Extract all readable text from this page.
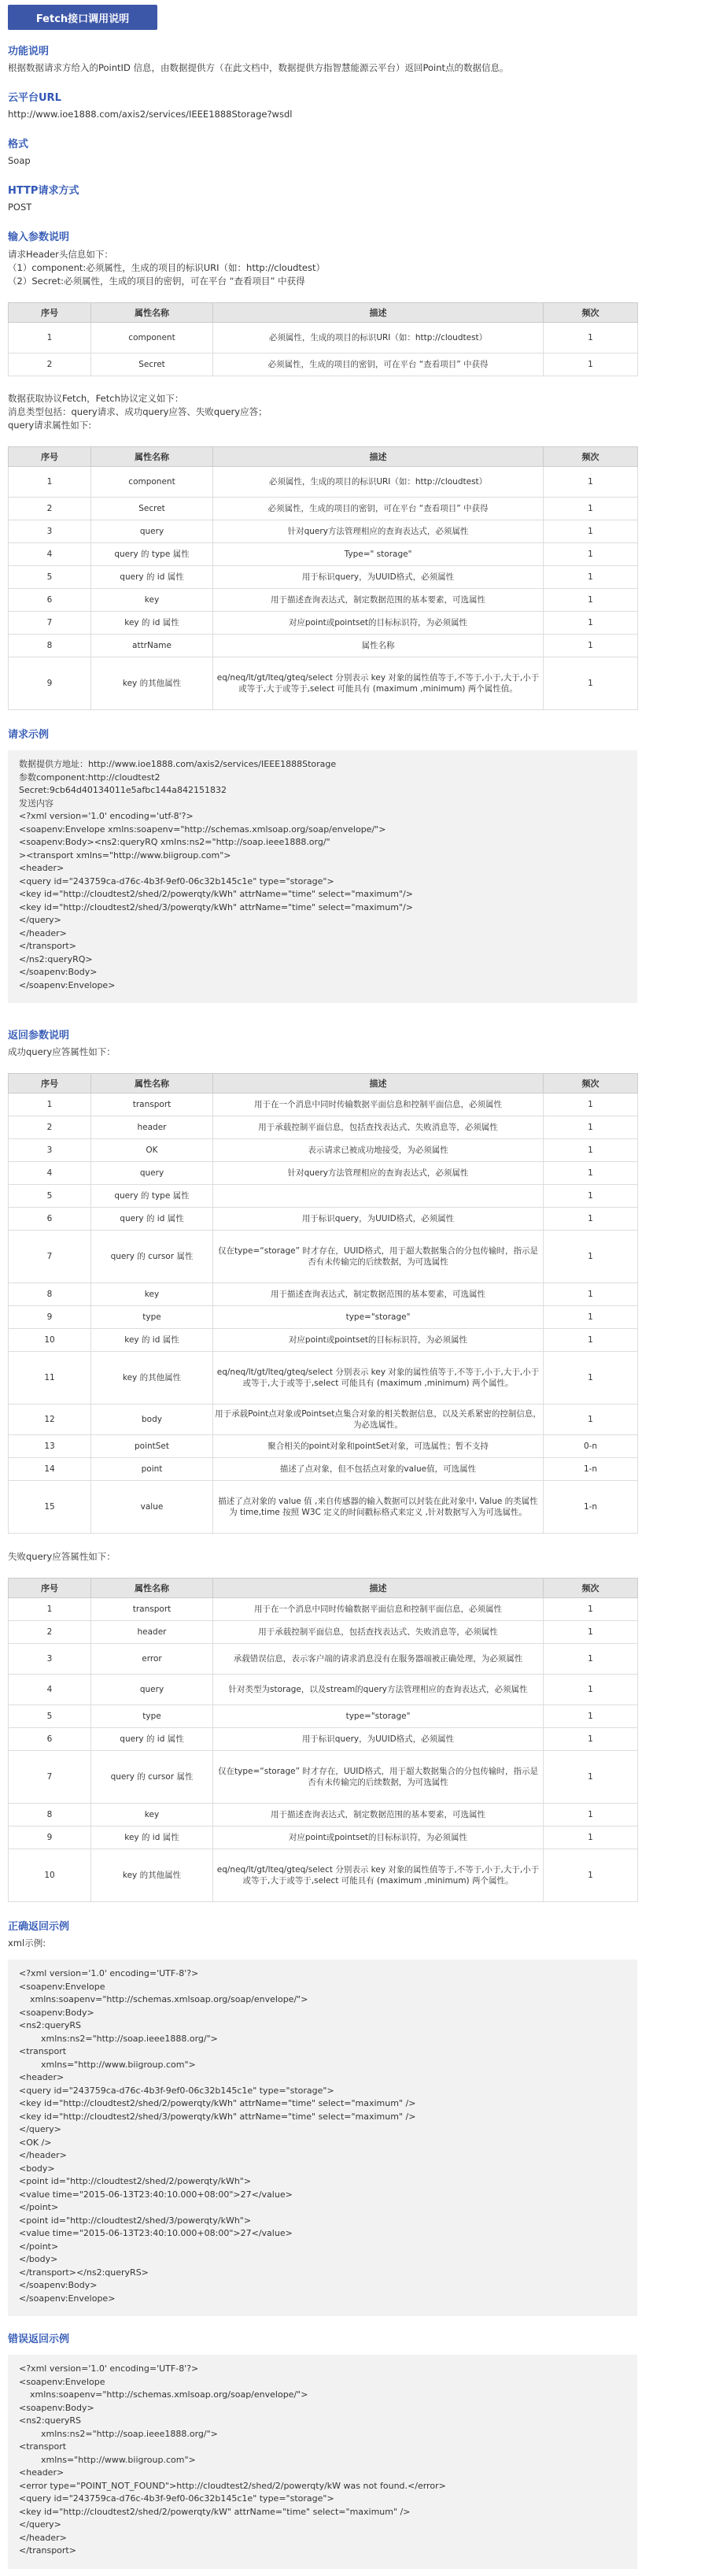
Fetch接口调用说明
功能说明

根据数据请求方给入的PointID 信息，由数据提供方（在此文档中，数据提供方指智慧能源云平台）返回Point点的数据信息。

云平台URL

http://www.ioe1888.com/axis2/services/IEEE1888Storage?wsdl

格式

Soap

HTTP请求方式

POST

输入参数说明

请求Header头信息如下：
（1）component:必须属性，生成的项目的标识URI（如：http://cloudtest）
（2）Secret:必须属性，生成的项目的密钥，可在平台 “查看项目” 中获得

序号	属性名称	描述	频次
1	component	必须属性，生成的项目的标识URI（如：http://cloudtest）	1
2	Secret	必须属性，生成的项目的密钥，可在平台 “查看项目” 中获得	1

数据获取协议Fetch，Fetch协议定义如下：
消息类型包括：query请求、成功query应答、失败query应答；
query请求属性如下:

序号	属性名称	描述	频次
1	component	必须属性，生成的项目的标识URI（如：http://cloudtest）	1
2	Secret	必须属性，生成的项目的密钥，可在平台 “查看项目” 中获得	1
3	query	针对query方法管理相应的查询表达式，必须属性	1
4	query 的 type 属性	Type=" storage"	1
5	query 的 id 属性	用于标识query，为UUID格式，必须属性	1
6	key	用于描述查询表达式，制定数据范围的基本要素，可选属性	1
7	key 的 id 属性	对应point或pointset的目标标识符，为必须属性	1
8	attrName	属性名称	1
9	key 的其他属性	eq/neq/lt/gt/lteq/gteq/select 分别表示 key 对象的属性值等于,不等于,小于,大于,小于或等于,大于或等于,select 可能具有 (maximum ,minimum) 两个属性值。	1
请求示例
数据提供方地址：http://www.ioe1888.com/axis2/services/IEEE1888Storage
参数component:http://cloudtest2
Secret:9cb64d40134011e5afbc144a842151832
发送内容
<?xml version='1.0' encoding='utf-8'?>
<soapenv:Envelope xmlns:soapenv="http://schemas.xmlsoap.org/soap/envelope/">
<soapenv:Body><ns2:queryRQ xmlns:ns2="http://soap.ieee1888.org/"
><transport xmlns="http://www.biigroup.com">
<header>
<query id="243759ca-d76c-4b3f-9ef0-06c32b145c1e" type="storage">
<key id="http://cloudtest2/shed/2/powerqty/kWh" attrName="time" select="maximum"/>
<key id="http://cloudtest2/shed/3/powerqty/kWh" attrName="time" select="maximum"/>
</query>
</header>
</transport>
</ns2:queryRQ>
</soapenv:Body>
</soapenv:Envelope>
返回参数说明

成功query应答属性如下：

序号	属性名称	描述	频次
1	transport	用于在一个消息中同时传输数据平面信息和控制平面信息，必须属性	1
2	header	用于承载控制平面信息，包括查找表达式、失败消息等，必须属性	1
3	OK	表示请求已被成功地接受，为必须属性	1
4	query	针对query方法管理相应的查询表达式，必须属性	1
5	query 的 type 属性		1
6	query 的 id 属性	用于标识query，为UUID格式，必须属性	1
7	query 的 cursor 属性	仅在type=“storage” 时才存在，UUID格式，用于超大数据集合的分包传输时，指示是否有未传输完的后续数据，为可选属性	1
8	key	用于描述查询表达式，制定数据范围的基本要素，可选属性	1
9	type	type="storage"	1
10	key 的 id 属性	对应point或pointset的目标标识符，为必须属性	1
11	key 的其他属性	eq/neq/lt/gt/lteq/gteq/select 分别表示 key 对象的属性值等于,不等于,小于,大于,小于或等于,大于或等于,select 可能具有 (maximum ,minimum) 两个属性。	1
12	body	用于承载Point点对象或Pointset点集合对象的相关数据信息，以及关系紧密的控制信息，为必选属性。	1
13	pointSet	聚合相关的point对象和pointSet对象，可选属性；暂不支持	0-n
14	point	描述了点对象，但不包括点对象的value值，可选属性	1-n
15	value	描述了点对象的 value 值 ,来自传感器的输入数据可以封装在此对象中, Value 的类属性为 time,time 按照 W3C 定义的时间戳标格式来定义 ,针对数据写入为可选属性。	1-n

失败query应答属性如下：

序号	属性名称	描述	频次
1	transport	用于在一个消息中同时传输数据平面信息和控制平面信息，必须属性	1
2	header	用于承载控制平面信息，包括查找表达式、失败消息等，必须属性	1
3	error	承载错误信息，表示客户端的请求消息没有在服务器端被正确处理，为必须属性	1
4	query	针对类型为storage，以及stream的query方法管理相应的查询表达式，必须属性	1
5	type	type="storage"	1
6	query 的 id 属性	用于标识query，为UUID格式，必须属性	1
7	query 的 cursor 属性	仅在type=“storage” 时才存在，UUID格式，用于超大数据集合的分包传输时，指示是否有未传输完的后续数据，为可选属性	1
8	key	用于描述查询表达式，制定数据范围的基本要素，可选属性	1
9	key 的 id 属性	对应point或pointset的目标标识符，为必须属性	1
10	key 的其他属性	eq/neq/lt/gt/lteq/gteq/select 分别表示 key 对象的属性值等于,不等于,小于,大于,小于或等于,大于或等于,select 可能具有 (maximum ,minimum) 两个属性。	1
正确返回示例

xml示例:

<?xml version='1.0' encoding='UTF-8'?>
<soapenv:Envelope
xmlns:soapenv="http://schemas.xmlsoap.org/soap/envelope/">
<soapenv:Body>
<ns2:queryRS
xmlns:ns2="http://soap.ieee1888.org/">
<transport
xmlns="http://www.biigroup.com">
<header>
<query id="243759ca-d76c-4b3f-9ef0-06c32b145c1e" type="storage">
<key id="http://cloudtest2/shed/2/powerqty/kWh" attrName="time" select="maximum" />
<key id="http://cloudtest2/shed/3/powerqty/kWh" attrName="time" select="maximum" />
</query>
<OK />
</header>
<body>
<point id="http://cloudtest2/shed/2/powerqty/kWh">
<value time="2015-06-13T23:40:10.000+08:00">27</value>
</point>
<point id="http://cloudtest2/shed/3/powerqty/kWh">
<value time="2015-06-13T23:40:10.000+08:00">27</value>
</point>
</body>
</transport></ns2:queryRS>
</soapenv:Body>
</soapenv:Envelope>
错误返回示例
<?xml version='1.0' encoding='UTF-8'?>
<soapenv:Envelope
xmlns:soapenv="http://schemas.xmlsoap.org/soap/envelope/">
<soapenv:Body>
<ns2:queryRS
xmlns:ns2="http://soap.ieee1888.org/">
<transport
xmlns="http://www.biigroup.com">
<header>
<error type="POINT_NOT_FOUND">http://cloudtest2/shed/2/powerqty/kW was not found.</error>
<query id="243759ca-d76c-4b3f-9ef0-06c32b145c1e" type="storage">
<key id="http://cloudtest2/shed/2/powerqty/kW" attrName="time" select="maximum" />
</query>
</header>
</transport>
